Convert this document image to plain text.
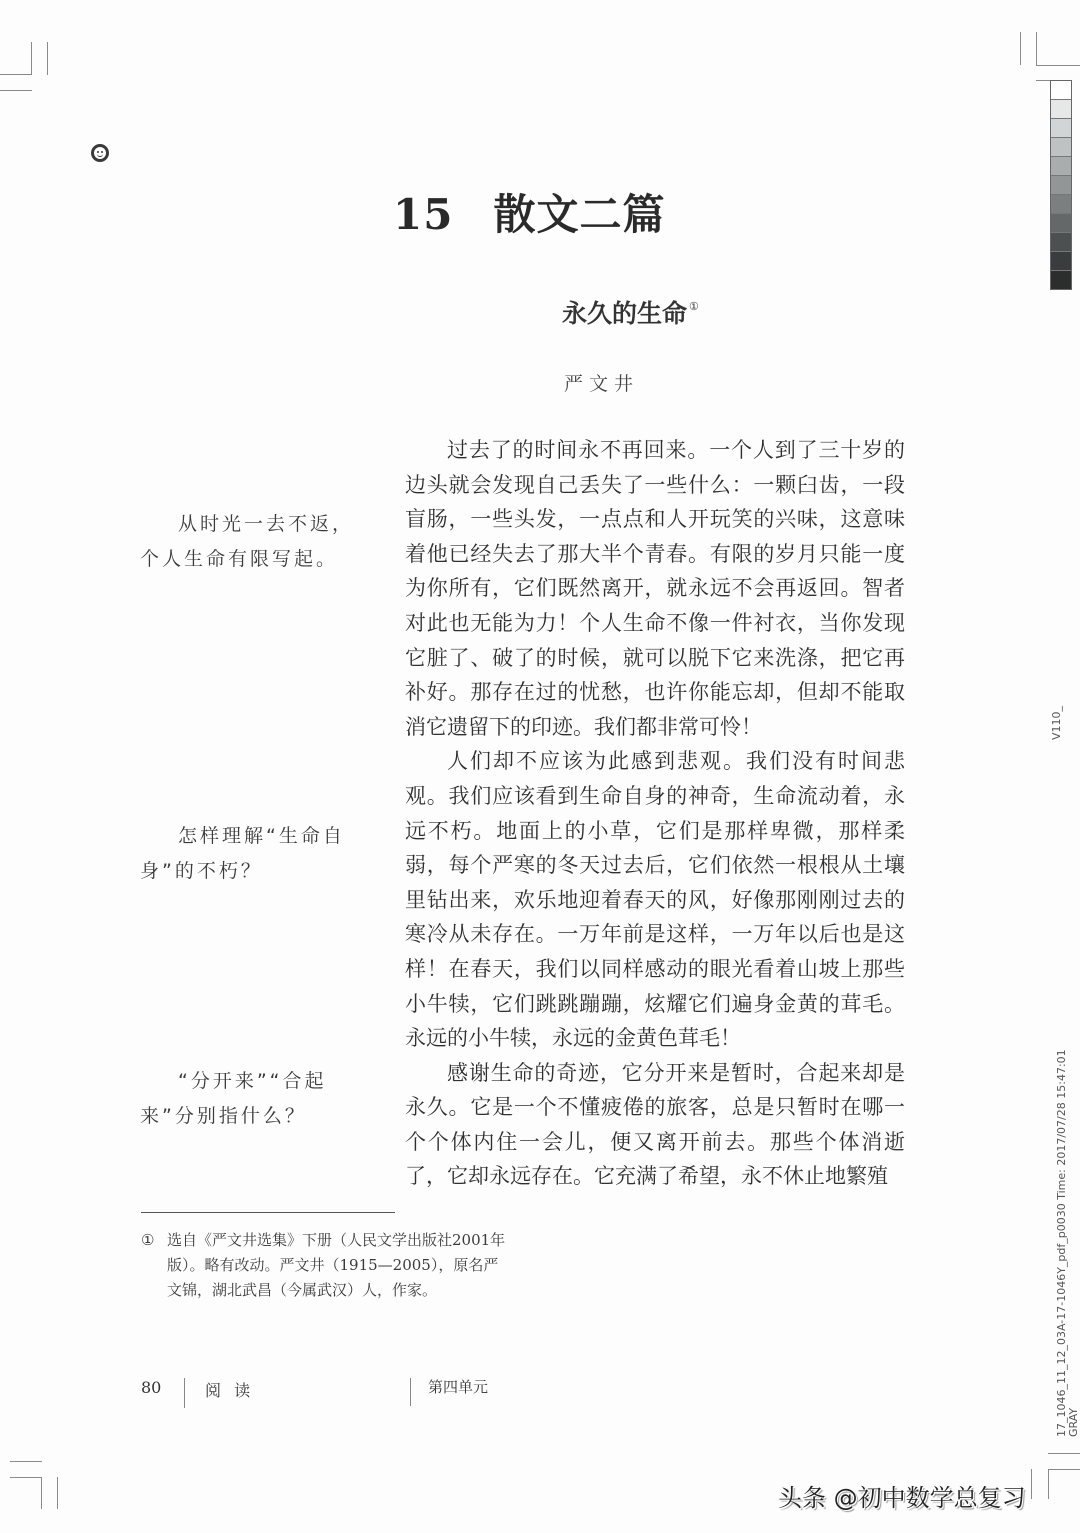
15 散文二篇
永久的生命 ①
严文井

过去了的时间永不再回来。一个人到了三十岁的边头就会发现自己丢失了一些什么：一颗臼齿，一段盲肠，一些头发，一点点和人开玩笑的兴味，这意味着他已经失去了那大半个青春。有限的岁月只能一度为你所有，它们既然离开，就永远不会再返回。智者对此也无能为力！个人生命不像一件衬衣，当你发现它脏了、破了的时候，就可以脱下它来洗涤，把它再补好。那存在过的忧愁，也许你能忘却，但却不能取消它遗留下的印迹。我们都非常可怜！

人们却不应该为此感到悲观。我们没有时间悲观。我们应该看到生命自身的神奇，生命流动着，永远不朽。地面上的小草，它们是那样卑微，那样柔弱，每个严寒的冬天过去后，它们依然一根根从土壤里钻出来，欢乐地迎着春天的风，好像那刚刚过去的寒冷从未存在。一万年前是这样，一万年以后也是这样！在春天，我们以同样感动的眼光看着山坡上那些小牛犊，它们跳跳蹦蹦，炫耀它们遍身金黄的茸毛。永远的小牛犊，永远的金黄色茸毛！

感谢生命的奇迹，它分开来是暂时，合起来却是永久。它是一个不懂疲倦的旅客，总是只暂时在哪一个个体内住一会儿，便又离开前去。那些个体消逝了，它却永远存在。它充满了希望，永不休止地繁殖

从时光一去不返，个人生命有限写起。
怎样理解“生命自身”的不朽？
“分开来”“合起来”分别指什么？
① 选自《严文井选集》下册（人民文学出版社2001年版）。略有改动。严文井（1915—2005），原名严文锦，湖北武昌（今属武汉）人，作家。
80	阅 读	第四单元
V110_
17_1046_11_12_03A-17-1046Y_pdf_p0030 Time: 2017/07/28 15:47:01 GRAY
头条 @初中数学总复习
